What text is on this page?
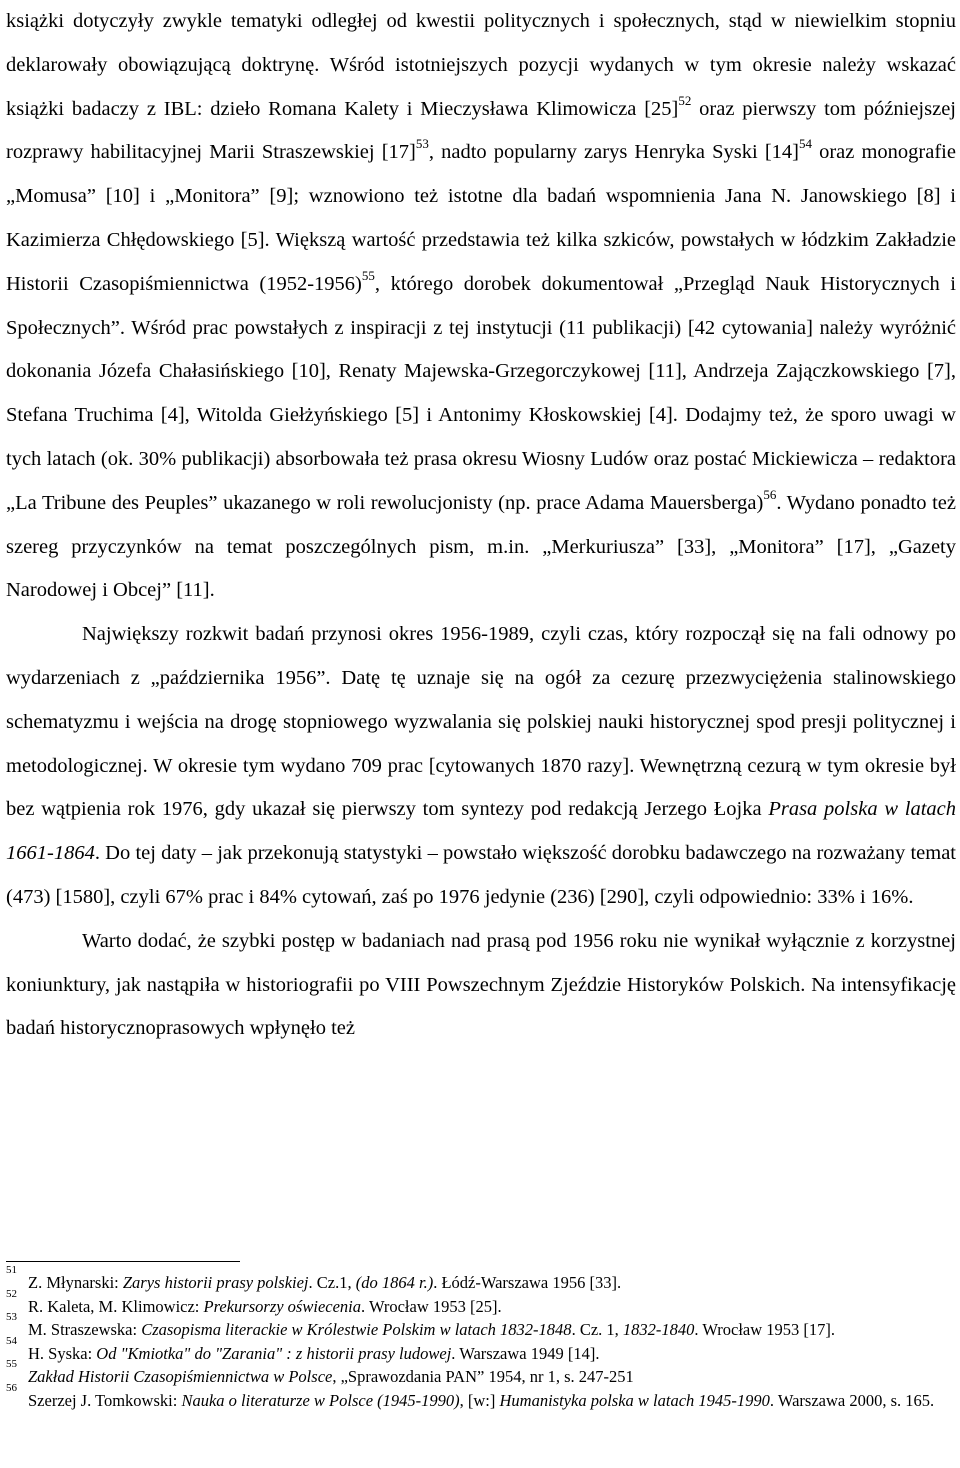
książki dotyczyły zwykle tematyki odległej od kwestii politycznych i społecznych, stąd w niewielkim stopniu deklarowały obowiązującą doktrynę. Wśród istotniejszych pozycji wydanych w tym okresie należy wskazać książki badaczy z IBL: dzieło Romana Kalety i Mieczysława Klimowicza $[25]^{52}$ oraz pierwszy tom późniejszej rozprawy habilitacyjnej Marii Straszewskiej $[17]^{53}$, nadto popularny zarys Henryka Syski $[14]^{54}$ oraz monografie „Momusa” [10] i „Monitora” [9]; wznowiono też istotne dla badań wspomnienia Jana N. Janowskiego [8] i Kazimierza Chłędowskiego [5]. Większą wartość przedstawia też kilka szkiców, powstałych w łódzkim Zakładzie Historii Czasopiśmiennictwa (1952-1956)$^{55}$, którego dorobek dokumentował „Przegląd Nauk Historycznych i Społecznych”. Wśród prac powstałych z inspiracji z tej instytucji (11 publikacji) [42 cytowania] należy wyróżnić dokonania Józefa Chałasińskiego [10], Renaty Majewska-Grzegorczykowej [11], Andrzeja Zajączkowskiego [7], Stefana Truchima [4], Witolda Giełżyńskiego [5] i Antonimy Kłoskowskiej [4]. Dodajmy też, że sporo uwagi w tych latach (ok. 30% publikacji) absorbowała też prasa okresu Wiosny Ludów oraz postać Mickiewicza – redaktora „La Tribune des Peuples” ukazanego w roli rewolucjonisty (np. prace Adama Mauersberga)$^{56}$. Wydano ponadto też szereg przyczynków na temat poszczególnych pism, m.in. „Merkuriusza” [33], „Monitora” [17], „Gazety Narodowej i Obcej” [11].

Największy rozkwit badań przynosi okres 1956-1989, czyli czas, który rozpoczął się na fali odnowy po wydarzeniach z „października 1956”. Datę tę uznaje się na ogół za cezurę przezwyciężenia stalinowskiego schematyzmu i wejścia na drogę stopniowego wyzwalania się polskiej nauki historycznej spod presji politycznej i metodologicznej. W okresie tym wydano 709 prac [cytowanych 1870 razy]. Wewnętrzną cezurą w tym okresie był bez wątpienia rok 1976, gdy ukazał się pierwszy tom syntezy pod redakcją Jerzego Łojka Prasa polska w latach 1661-1864. Do tej daty – jak przekonują statystyki – powstało większość dorobku badawczego na rozważany temat (473) [1580], czyli 67% prac i 84% cytowań, zaś po 1976 jedynie (236) [290], czyli odpowiednio: 33% i 16%.

Warto dodać, że szybki postęp w badaniach nad prasą pod 1956 roku nie wynikał wyłącznie z korzystnej koniunktury, jak nastąpiła w historiografii po VIII Powszechnym Zjeździe Historyków Polskich. Na intensyfikację badań historycznoprasowych wpłynęło też

51
Z. Młynarski: Zarys historii prasy polskiej. Cz.1, (do 1864 r.). Łódź-Warszawa 1956 [33].
52
R. Kaleta, M. Klimowicz: Prekursorzy oświecenia. Wrocław 1953 [25].
53
M. Straszewska: Czasopisma literackie w Królestwie Polskim w latach 1832-1848. Cz. 1, 1832-1840. Wrocław 1953 [17].
54
H. Syska: Od "Kmiotka" do "Zarania" : z historii prasy ludowej. Warszawa 1949 [14].
55
Zakład Historii Czasopiśmiennictwa w Polsce, „Sprawozdania PAN” 1954, nr 1, s. 247-251
56
Szerzej J. Tomkowski: Nauka o literaturze w Polsce (1945-1990), [w:] Humanistyka polska w latach 1945-1990. Warszawa 2000, s. 165.
